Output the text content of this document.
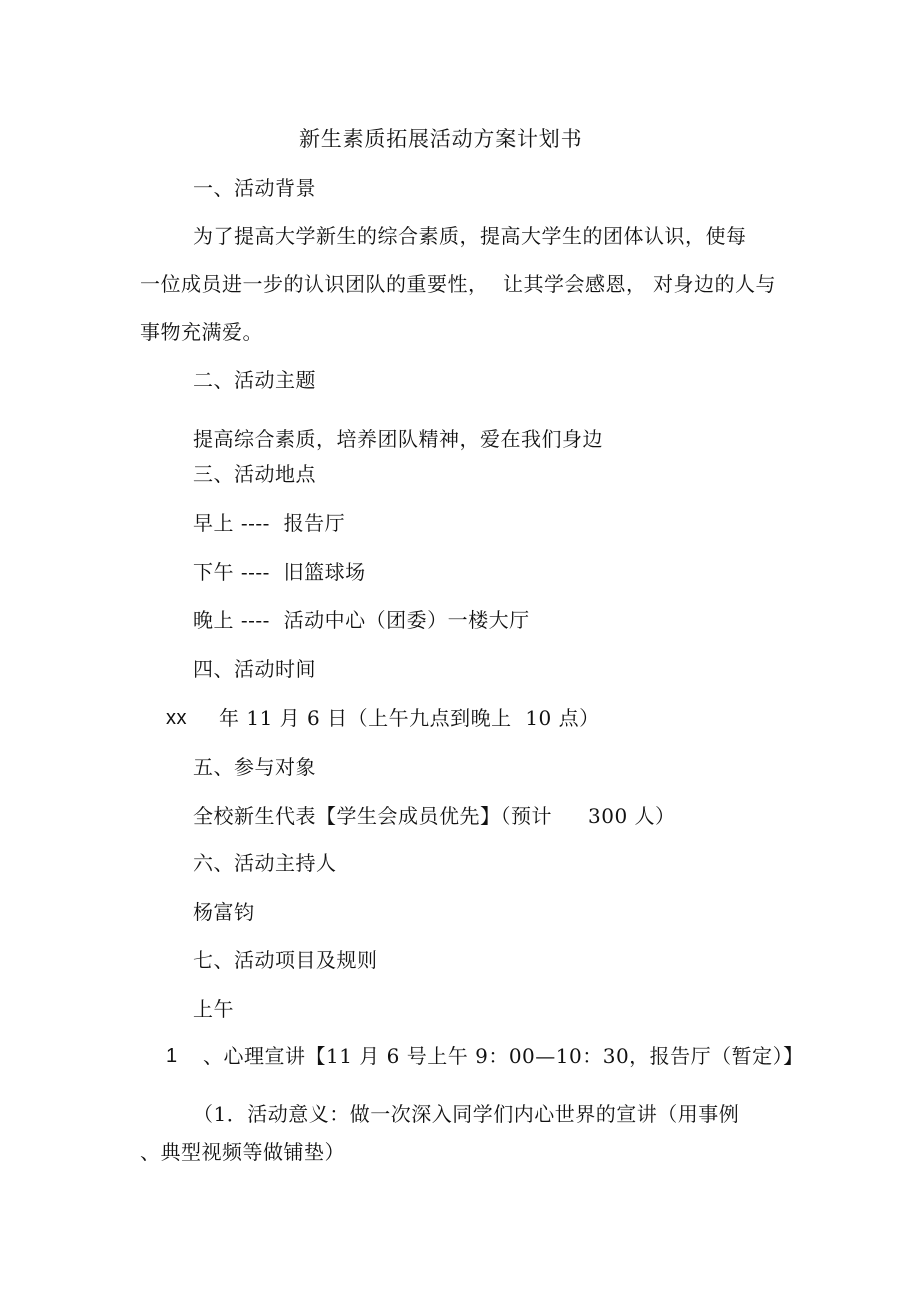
新生素质拓展活动方案计划书
一、活动背景
为了提高大学新生的综合素质，提高大学生的团体认识，使每
一位成员进一步的认识团队的重要性， 让其学会感恩， 对身边的人与
事物充满爱。
二、活动主题
提高综合素质，培养团队精神，爱在我们身边
三、活动地点
早上 ----  报告厅
下午 ----  旧篮球场
晚上 ----  活动中心（团委）一楼大厅
四、活动时间
xx 年 11 月 6 日（上午九点到晚上  10 点）
五、参与对象
全校新生代表【学生会成员优先】（预计 300 人）
六、活动主持人
杨富钧
七、活动项目及规则
上午
1 、心理宣讲【11 月 6 号上午 9：00—10：30，报告厅（暂定）】
（1．活动意义：做一次深入同学们内心世界的宣讲（用事例
、典型视频等做铺垫）
